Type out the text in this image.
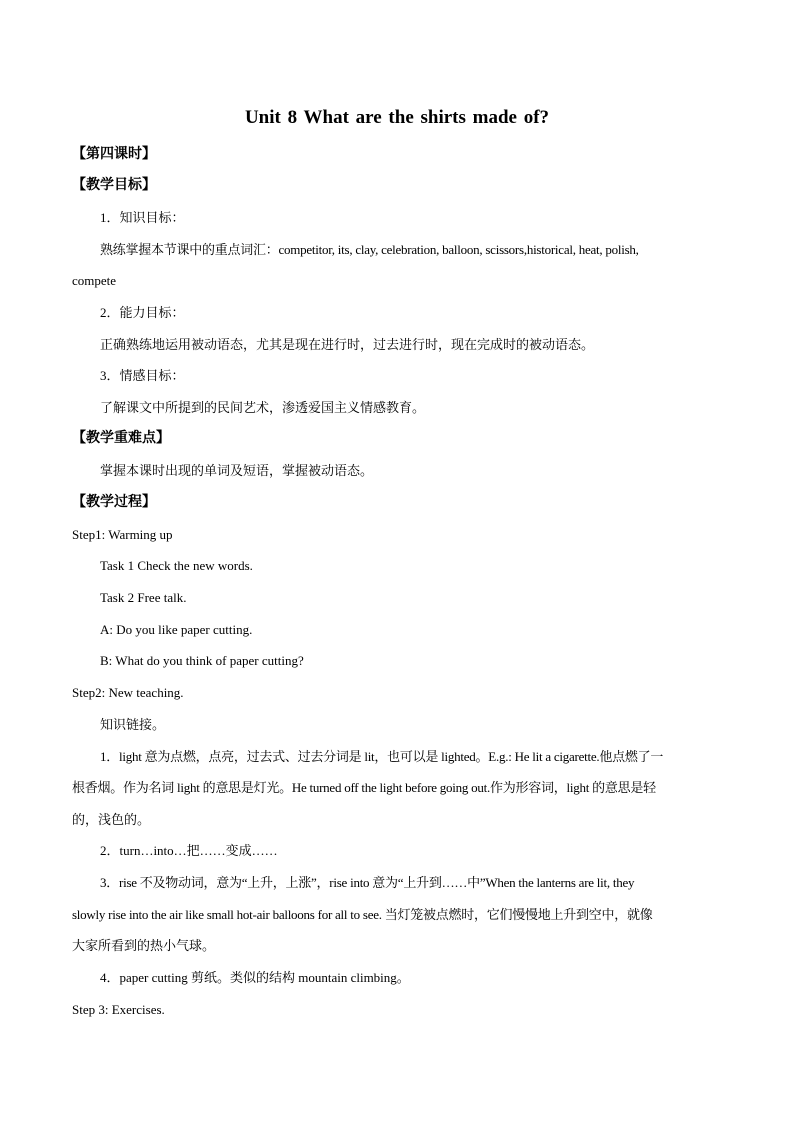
Unit 8 What are the shirts made of?
【第四课时】
【教学目标】
1．知识目标：
熟练掌握本节课中的重点词汇：competitor, its, clay, celebration, balloon, scissors,historical, heat, polish,
compete
2．能力目标：
正确熟练地运用被动语态，尤其是现在进行时，过去进行时，现在完成时的被动语态。
3．情感目标：
了解课文中所提到的民间艺术，渗透爱国主义情感教育。
【教学重难点】
掌握本课时出现的单词及短语，掌握被动语态。
【教学过程】
Step1: Warming up
Task 1 Check the new words.
Task 2 Free talk.
A: Do you like paper cutting.
B: What do you think of paper cutting?
Step2: New teaching.
知识链接。
1．light 意为点燃，点亮，过去式、过去分词是 lit，也可以是 lighted。E.g.: He lit a cigarette.他点燃了一
根香烟。作为名词 light 的意思是灯光。He turned off the light before going out.作为形容词，light 的意思是轻
的，浅色的。
2．turn…into…把……变成……
3．rise 不及物动词，意为“上升，上涨”，rise into 意为“上升到……中”When the lanterns are lit, they
slowly rise into the air like small hot-air balloons for all to see. 当灯笼被点燃时，它们慢慢地上升到空中，就像
大家所看到的热小气球。
4．paper cutting 剪纸。类似的结构 mountain climbing。
Step 3: Exercises.
